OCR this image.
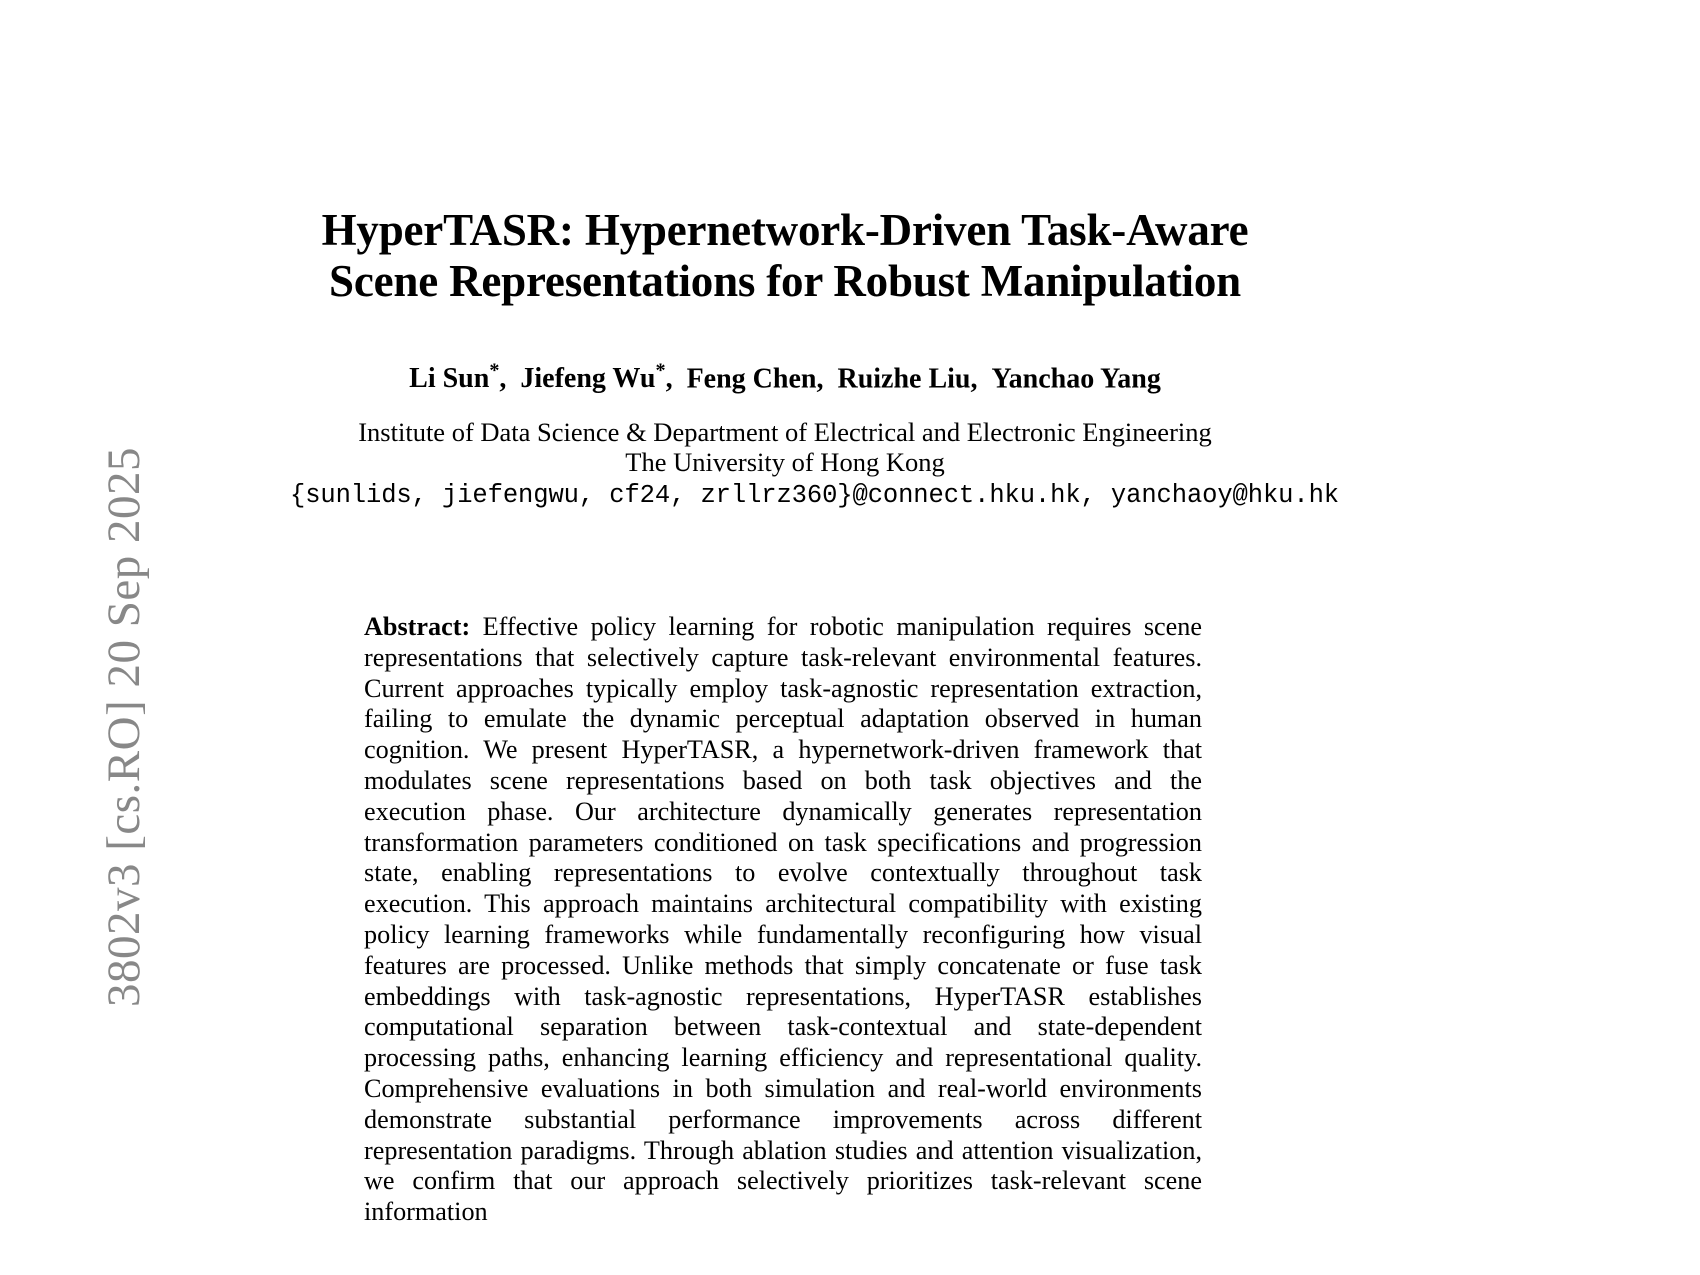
3802v3 [cs.RO] 20 Sep 2025
HyperTASR: Hypernetwork-Driven Task-Aware
Scene Representations for Robust Manipulation
Li Sun*, Jiefeng Wu*, Feng Chen, Ruizhe Liu, Yanchao Yang
Institute of Data Science & Department of Electrical and Electronic Engineering
The University of Hong Kong
{sunlids, jiefengwu, cf24, zrllrz360}@connect.hku.hk, yanchaoy@hku.hk
Abstract: Effective policy learning for robotic manipulation requires scene representations that selectively capture task-relevant environmental features. Current approaches typically employ task-agnostic representation extraction, failing to emulate the dynamic perceptual adaptation observed in human cognition. We present HyperTASR, a hypernetwork-driven framework that modulates scene representations based on both task objectives and the execution phase. Our architecture dynamically generates representation transformation parameters conditioned on task specifications and progression state, enabling representations to evolve contextually throughout task execution. This approach maintains architectural compatibility with existing policy learning frameworks while fundamentally reconfiguring how visual features are processed. Unlike methods that simply concatenate or fuse task embeddings with task-agnostic representations, HyperTASR establishes computational separation between task-contextual and state-dependent processing paths, enhancing learning efficiency and representational quality. Comprehensive evaluations in both simulation and real-world environments demonstrate substantial performance improvements across different representation paradigms. Through ablation studies and attention visualization, we confirm that our approach selectively prioritizes task-relevant scene information
